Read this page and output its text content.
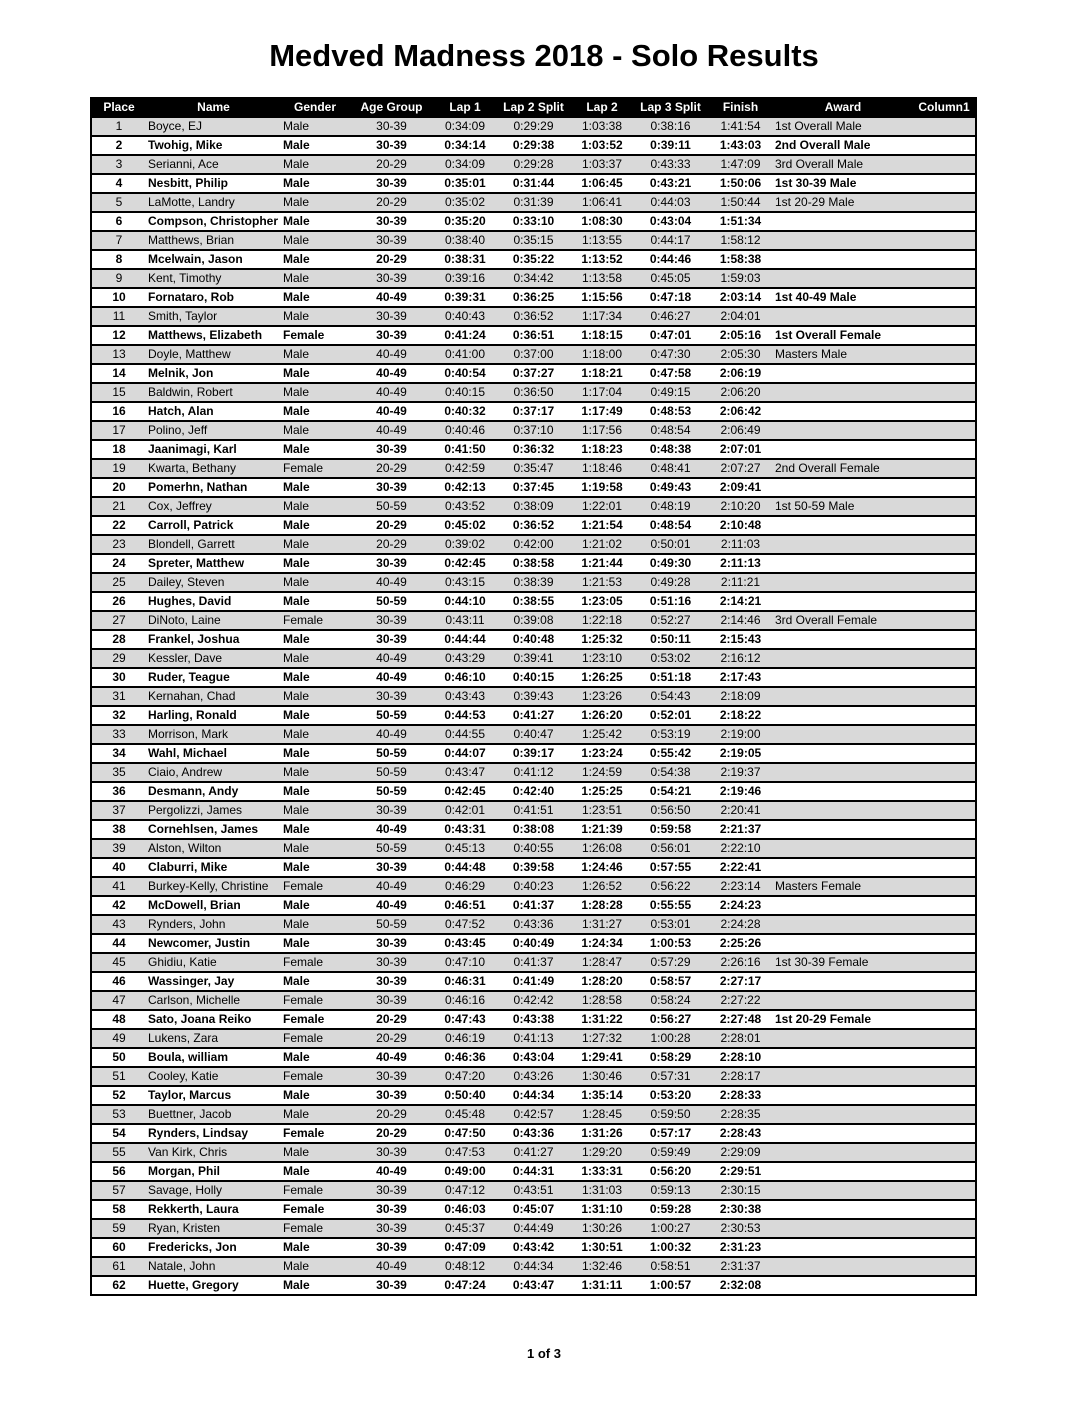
Medved Madness 2018 - Solo Results
Place	Name	Gender	Age Group	Lap 1	Lap 2 Split	Lap 2	Lap 3 Split	Finish	Award	Column1
1	Boyce, EJ	Male	30-39	0:34:09	0:29:29	1:03:38	0:38:16	1:41:54	1st Overall Male	
2	Twohig, Mike	Male	30-39	0:34:14	0:29:38	1:03:52	0:39:11	1:43:03	2nd Overall Male	
3	Serianni, Ace	Male	20-29	0:34:09	0:29:28	1:03:37	0:43:33	1:47:09	3rd Overall Male	
4	Nesbitt, Philip	Male	30-39	0:35:01	0:31:44	1:06:45	0:43:21	1:50:06	1st 30-39 Male	
5	LaMotte, Landry	Male	20-29	0:35:02	0:31:39	1:06:41	0:44:03	1:50:44	1st 20-29 Male	
6	Compson, Christopher	Male	30-39	0:35:20	0:33:10	1:08:30	0:43:04	1:51:34		
7	Matthews, Brian	Male	30-39	0:38:40	0:35:15	1:13:55	0:44:17	1:58:12		
8	Mcelwain, Jason	Male	20-29	0:38:31	0:35:22	1:13:52	0:44:46	1:58:38		
9	Kent, Timothy	Male	30-39	0:39:16	0:34:42	1:13:58	0:45:05	1:59:03		
10	Fornataro, Rob	Male	40-49	0:39:31	0:36:25	1:15:56	0:47:18	2:03:14	1st 40-49 Male	
11	Smith, Taylor	Male	30-39	0:40:43	0:36:52	1:17:34	0:46:27	2:04:01		
12	Matthews, Elizabeth	Female	30-39	0:41:24	0:36:51	1:18:15	0:47:01	2:05:16	1st Overall Female	
13	Doyle, Matthew	Male	40-49	0:41:00	0:37:00	1:18:00	0:47:30	2:05:30	Masters Male	
14	Melnik, Jon	Male	40-49	0:40:54	0:37:27	1:18:21	0:47:58	2:06:19		
15	Baldwin, Robert	Male	40-49	0:40:15	0:36:50	1:17:04	0:49:15	2:06:20		
16	Hatch, Alan	Male	40-49	0:40:32	0:37:17	1:17:49	0:48:53	2:06:42		
17	Polino, Jeff	Male	40-49	0:40:46	0:37:10	1:17:56	0:48:54	2:06:49		
18	Jaanimagi, Karl	Male	30-39	0:41:50	0:36:32	1:18:23	0:48:38	2:07:01		
19	Kwarta, Bethany	Female	20-29	0:42:59	0:35:47	1:18:46	0:48:41	2:07:27	2nd Overall Female	
20	Pomerhn, Nathan	Male	30-39	0:42:13	0:37:45	1:19:58	0:49:43	2:09:41		
21	Cox, Jeffrey	Male	50-59	0:43:52	0:38:09	1:22:01	0:48:19	2:10:20	1st 50-59 Male	
22	Carroll, Patrick	Male	20-29	0:45:02	0:36:52	1:21:54	0:48:54	2:10:48		
23	Blondell, Garrett	Male	20-29	0:39:02	0:42:00	1:21:02	0:50:01	2:11:03		
24	Spreter, Matthew	Male	30-39	0:42:45	0:38:58	1:21:44	0:49:30	2:11:13		
25	Dailey, Steven	Male	40-49	0:43:15	0:38:39	1:21:53	0:49:28	2:11:21		
26	Hughes, David	Male	50-59	0:44:10	0:38:55	1:23:05	0:51:16	2:14:21		
27	DiNoto, Laine	Female	30-39	0:43:11	0:39:08	1:22:18	0:52:27	2:14:46	3rd Overall Female	
28	Frankel, Joshua	Male	30-39	0:44:44	0:40:48	1:25:32	0:50:11	2:15:43		
29	Kessler, Dave	Male	40-49	0:43:29	0:39:41	1:23:10	0:53:02	2:16:12		
30	Ruder, Teague	Male	40-49	0:46:10	0:40:15	1:26:25	0:51:18	2:17:43		
31	Kernahan, Chad	Male	30-39	0:43:43	0:39:43	1:23:26	0:54:43	2:18:09		
32	Harling, Ronald	Male	50-59	0:44:53	0:41:27	1:26:20	0:52:01	2:18:22		
33	Morrison, Mark	Male	40-49	0:44:55	0:40:47	1:25:42	0:53:19	2:19:00		
34	Wahl, Michael	Male	50-59	0:44:07	0:39:17	1:23:24	0:55:42	2:19:05		
35	Ciaio, Andrew	Male	50-59	0:43:47	0:41:12	1:24:59	0:54:38	2:19:37		
36	Desmann, Andy	Male	50-59	0:42:45	0:42:40	1:25:25	0:54:21	2:19:46		
37	Pergolizzi, James	Male	30-39	0:42:01	0:41:51	1:23:51	0:56:50	2:20:41		
38	Cornehlsen, James	Male	40-49	0:43:31	0:38:08	1:21:39	0:59:58	2:21:37		
39	Alston, Wilton	Male	50-59	0:45:13	0:40:55	1:26:08	0:56:01	2:22:10		
40	Claburri, Mike	Male	30-39	0:44:48	0:39:58	1:24:46	0:57:55	2:22:41		
41	Burkey-Kelly, Christine	Female	40-49	0:46:29	0:40:23	1:26:52	0:56:22	2:23:14	Masters Female	
42	McDowell, Brian	Male	40-49	0:46:51	0:41:37	1:28:28	0:55:55	2:24:23		
43	Rynders, John	Male	50-59	0:47:52	0:43:36	1:31:27	0:53:01	2:24:28		
44	Newcomer, Justin	Male	30-39	0:43:45	0:40:49	1:24:34	1:00:53	2:25:26		
45	Ghidiu, Katie	Female	30-39	0:47:10	0:41:37	1:28:47	0:57:29	2:26:16	1st 30-39 Female	
46	Wassinger, Jay	Male	30-39	0:46:31	0:41:49	1:28:20	0:58:57	2:27:17		
47	Carlson, Michelle	Female	30-39	0:46:16	0:42:42	1:28:58	0:58:24	2:27:22		
48	Sato, Joana Reiko	Female	20-29	0:47:43	0:43:38	1:31:22	0:56:27	2:27:48	1st 20-29 Female	
49	Lukens, Zara	Female	20-29	0:46:19	0:41:13	1:27:32	1:00:28	2:28:01		
50	Boula, william	Male	40-49	0:46:36	0:43:04	1:29:41	0:58:29	2:28:10		
51	Cooley, Katie	Female	30-39	0:47:20	0:43:26	1:30:46	0:57:31	2:28:17		
52	Taylor, Marcus	Male	30-39	0:50:40	0:44:34	1:35:14	0:53:20	2:28:33		
53	Buettner, Jacob	Male	20-29	0:45:48	0:42:57	1:28:45	0:59:50	2:28:35		
54	Rynders, Lindsay	Female	20-29	0:47:50	0:43:36	1:31:26	0:57:17	2:28:43		
55	Van Kirk, Chris	Male	30-39	0:47:53	0:41:27	1:29:20	0:59:49	2:29:09		
56	Morgan, Phil	Male	40-49	0:49:00	0:44:31	1:33:31	0:56:20	2:29:51		
57	Savage, Holly	Female	30-39	0:47:12	0:43:51	1:31:03	0:59:13	2:30:15		
58	Rekkerth, Laura	Female	30-39	0:46:03	0:45:07	1:31:10	0:59:28	2:30:38		
59	Ryan, Kristen	Female	30-39	0:45:37	0:44:49	1:30:26	1:00:27	2:30:53		
60	Fredericks, Jon	Male	30-39	0:47:09	0:43:42	1:30:51	1:00:32	2:31:23		
61	Natale, John	Male	40-49	0:48:12	0:44:34	1:32:46	0:58:51	2:31:37		
62	Huette, Gregory	Male	30-39	0:47:24	0:43:47	1:31:11	1:00:57	2:32:08		
1 of 3
